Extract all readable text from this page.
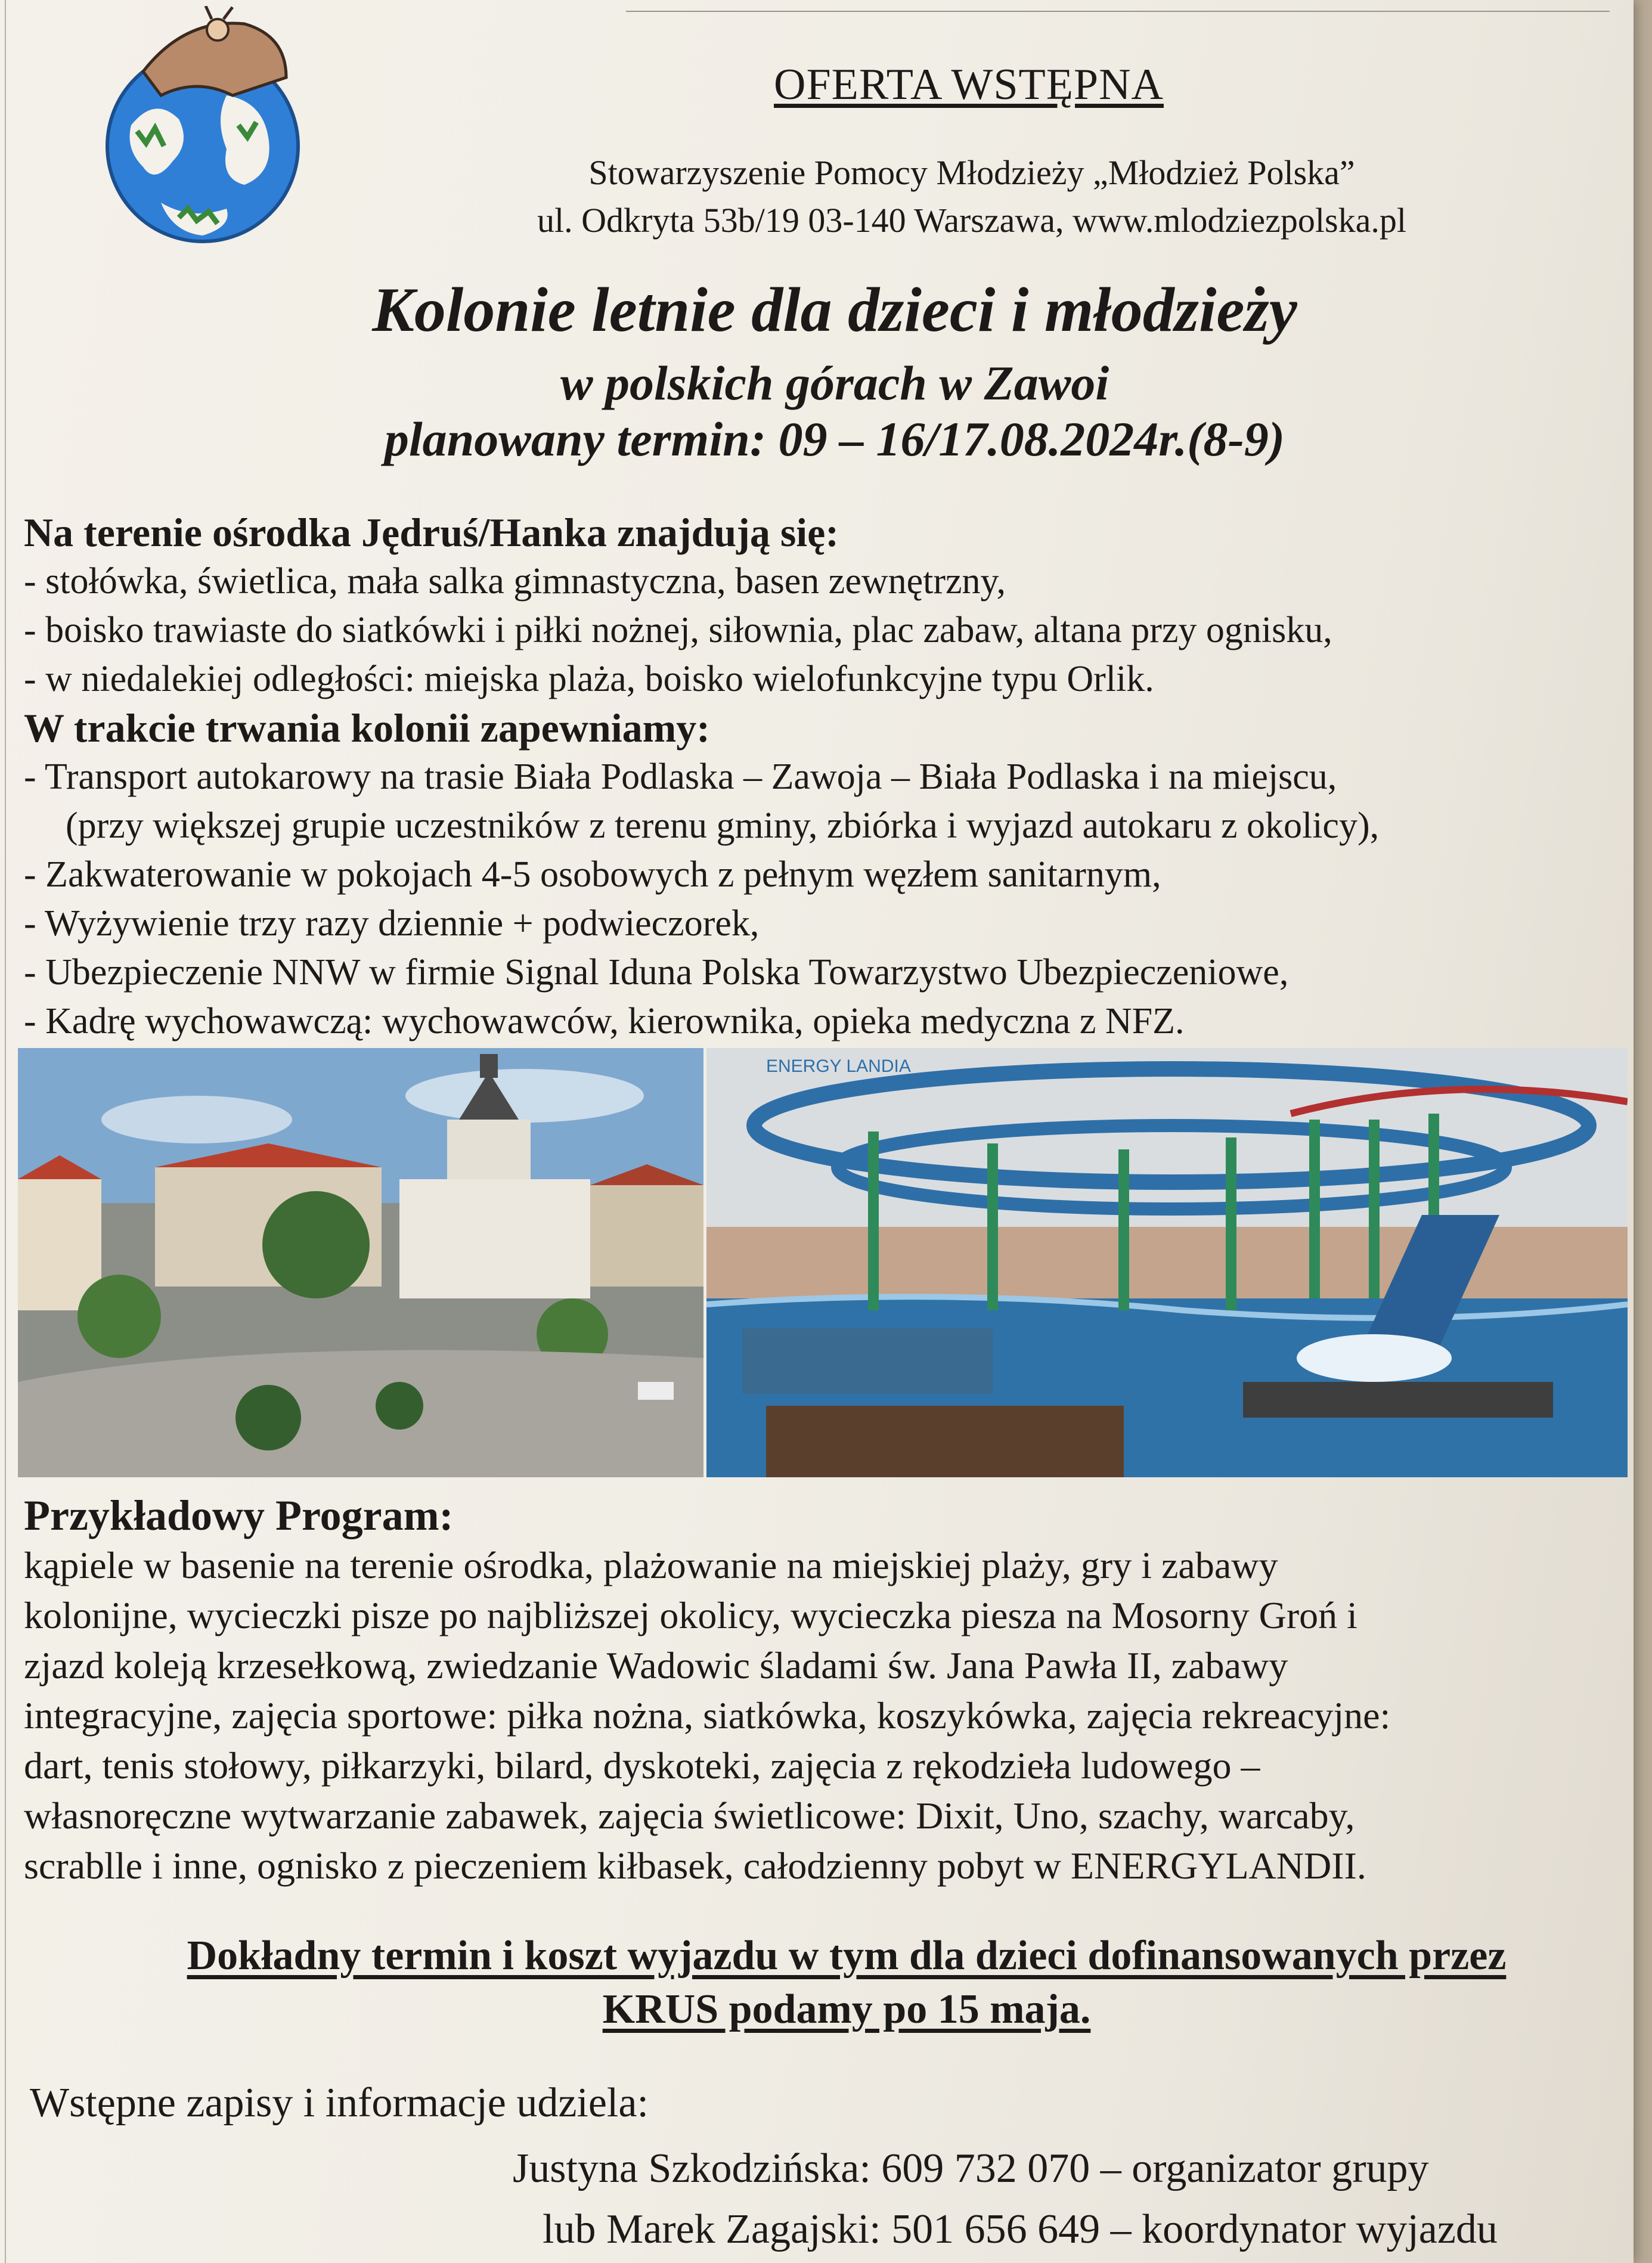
OFERTA WSTĘPNA
Stowarzyszenie Pomocy Młodzieży „Młodzież Polska”
ul. Odkryta 53b/19 03-140 Warszawa, www.mlodziezpolska.pl
Kolonie letnie dla dzieci i młodzieży
w polskich górach w Zawoi
planowany termin: 09 – 16/17.08.2024r.(8-9)
Na terenie ośrodka Jędruś/Hanka znajdują się:
- stołówka, świetlica, mała salka gimnastyczna, basen zewnętrzny,
- boisko trawiaste do siatkówki i piłki nożnej, siłownia, plac zabaw, altana przy ognisku,
- w niedalekiej odległości: miejska plaża, boisko wielofunkcyjne typu Orlik.
W trakcie trwania kolonii zapewniamy:
- Transport autokarowy na trasie Biała Podlaska – Zawoja – Biała Podlaska i na miejscu,
(przy większej grupie uczestników z terenu gminy, zbiórka i wyjazd autokaru z okolicy),
- Zakwaterowanie w pokojach 4-5 osobowych z pełnym węzłem sanitarnym,
- Wyżywienie trzy razy dziennie + podwieczorek,
- Ubezpieczenie NNW w firmie Signal Iduna Polska Towarzystwo Ubezpieczeniowe,
- Kadrę wychowawczą: wychowawców, kierownika, opieka medyczna z NFZ.
ENERGY LANDIA
Przykładowy Program:
kąpiele w basenie na terenie ośrodka, plażowanie na miejskiej plaży, gry i zabawy
kolonijne, wycieczki pisze po najbliższej okolicy, wycieczka piesza na Mosorny Groń i
zjazd koleją krzesełkową, zwiedzanie Wadowic śladami św. Jana Pawła II, zabawy
integracyjne, zajęcia sportowe: piłka nożna, siatkówka, koszykówka, zajęcia rekreacyjne:
dart, tenis stołowy, piłkarzyki, bilard, dyskoteki, zajęcia z rękodzieła ludowego –
własnoręczne wytwarzanie zabawek, zajęcia świetlicowe: Dixit, Uno, szachy, warcaby,
scrablle i inne, ognisko z pieczeniem kiłbasek, całodzienny pobyt w ENERGYLANDII.
Dokładny termin i koszt wyjazdu w tym dla dzieci dofinansowanych przez
KRUS podamy po 15 maja.
Wstępne zapisy i informacje udziela:
Justyna Szkodzińska: 609 732 070 – organizator grupy
lub Marek Zagajski: 501 656 649 – koordynator wyjazdu
